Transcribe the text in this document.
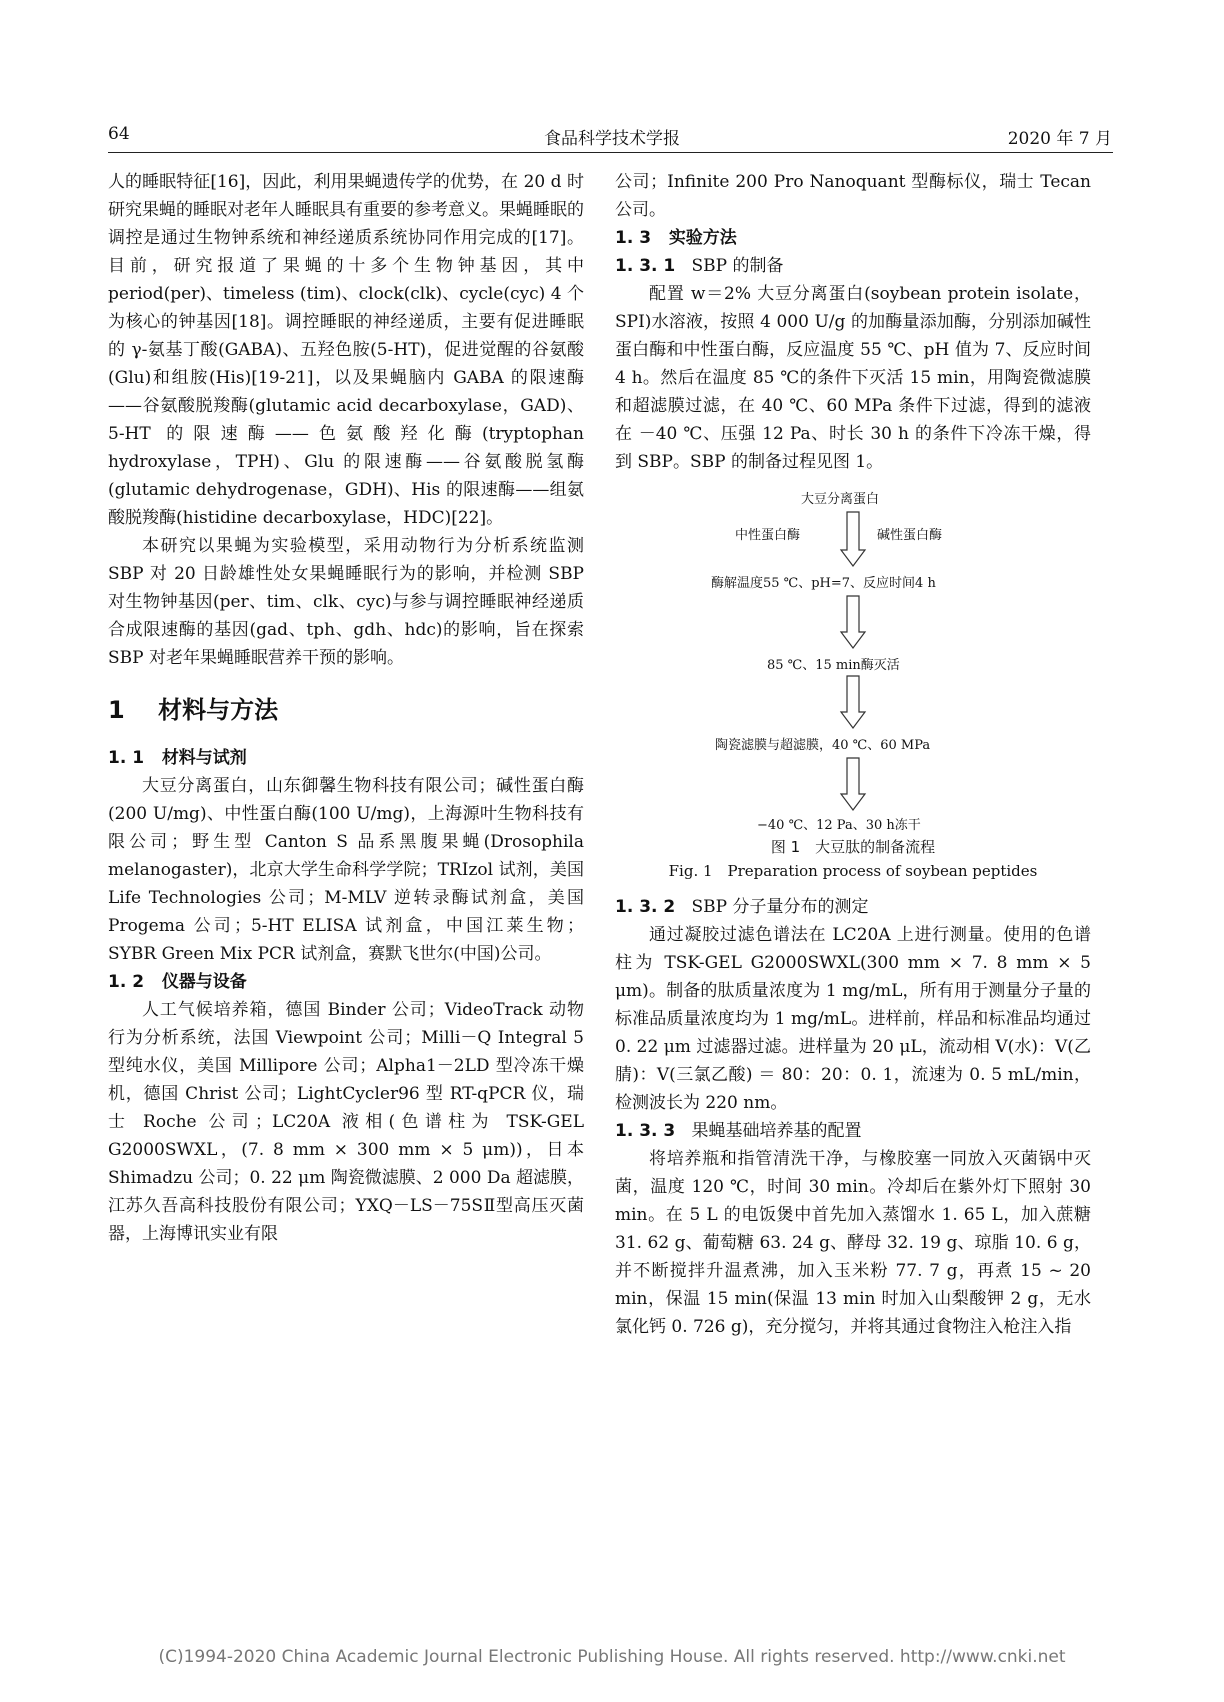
64	食品科学技术学报	2020 年 7 月

人的睡眠特征[16]，因此，利用果蝇遗传学的优势，在 20 d 时研究果蝇的睡眠对老年人睡眠具有重要的参考意义。果蝇睡眠的调控是通过生物钟系统和神经递质系统协同作用完成的[17]。目前，研究报道了果蝇的十多个生物钟基因，其中 period(per)、timeless (tim)、clock(clk)、cycle(cyc) 4 个为核心的钟基因[18]。调控睡眠的神经递质，主要有促进睡眠的 γ-氨基丁酸(GABA)、五羟色胺(5-HT)，促进觉醒的谷氨酸(Glu)和组胺(His)[19-21]，以及果蝇脑内 GABA 的限速酶——谷氨酸脱羧酶(glutamic acid decarboxylase，GAD)、5-HT 的限速酶——色氨酸羟化酶(tryptophan hydroxylase，TPH)、Glu 的限速酶——谷氨酸脱氢酶(glutamic dehydrogenase，GDH)、His 的限速酶——组氨酸脱羧酶(histidine decarboxylase，HDC)[22]。

本研究以果蝇为实验模型，采用动物行为分析系统监测 SBP 对 20 日龄雄性处女果蝇睡眠行为的影响，并检测 SBP 对生物钟基因(per、tim、clk、cyc)与参与调控睡眠神经递质合成限速酶的基因(gad、tph、gdh、hdc)的影响，旨在探索 SBP 对老年果蝇睡眠营养干预的影响。

1 材料与方法
1. 1 材料与试剂

大豆分离蛋白，山东御馨生物科技有限公司；碱性蛋白酶(200 U/mg)、中性蛋白酶(100 U/mg)，上海源叶生物科技有限公司；野生型 Canton S 品系黑腹果蝇(Drosophila melanogaster)，北京大学生命科学学院；TRIzol 试剂，美国 Life Technologies 公司；M-MLV 逆转录酶试剂盒，美国 Progema 公司；5-HT ELISA 试剂盒，中国江莱生物；SYBR Green Mix PCR 试剂盒，赛默飞世尔(中国)公司。

1. 2 仪器与设备

人工气候培养箱，德国 Binder 公司；VideoTrack 动物行为分析系统，法国 Viewpoint 公司；Milli－Q Integral 5 型纯水仪，美国 Millipore 公司；Alpha1－2LD 型冷冻干燥机，德国 Christ 公司；LightCycler96 型 RT-qPCR 仪，瑞士 Roche 公司；LC20A 液相(色谱柱为 TSK-GEL G2000SWXL，(7. 8 mm × 300 mm × 5 μm))，日本 Shimadzu 公司；0. 22 μm 陶瓷微滤膜、2 000 Da 超滤膜，江苏久吾高科技股份有限公司；YXQ－LS－75SⅡ型高压灭菌器，上海博讯实业有限

公司；Infinite 200 Pro Nanoquant 型酶标仪，瑞士 Tecan 公司。

1. 3 实验方法
1. 3. 1 SBP 的制备

配置 w＝2% 大豆分离蛋白(soybean protein isolate，SPI)水溶液，按照 4 000 U/g 的加酶量添加酶，分别添加碱性蛋白酶和中性蛋白酶，反应温度 55 ℃、pH 值为 7、反应时间 4 h。然后在温度 85 ℃的条件下灭活 15 min，用陶瓷微滤膜和超滤膜过滤，在 40 ℃、60 MPa 条件下过滤，得到的滤液在 －40 ℃、压强 12 Pa、时长 30 h 的条件下冷冻干燥，得到 SBP。SBP 的制备过程见图 1。

大豆分离蛋白
中性蛋白酶	碱性蛋白酶
酶解温度55 ℃、pH=7、反应时间4 h
85 ℃、15 min酶灭活
陶瓷滤膜与超滤膜，40 ℃、60 MPa
−40 ℃、12 Pa、30 h冻干
图 1　大豆肽的制备流程
Fig. 1　Preparation process of soybean peptides
1. 3. 2 SBP 分子量分布的测定

通过凝胶过滤色谱法在 LC20A 上进行测量。使用的色谱柱为 TSK-GEL G2000SWXL(300 mm × 7. 8 mm × 5 μm)。制备的肽质量浓度为 1 mg/mL，所有用于测量分子量的标准品质量浓度均为 1 mg/mL。进样前，样品和标准品均通过 0. 22 μm 过滤器过滤。进样量为 20 μL，流动相 V(水)：V(乙腈)：V(三氯乙酸) ＝ 80：20：0. 1，流速为 0. 5 mL/min，检测波长为 220 nm。

1. 3. 3 果蝇基础培养基的配置

将培养瓶和指管清洗干净，与橡胶塞一同放入灭菌锅中灭菌，温度 120 ℃，时间 30 min。冷却后在紫外灯下照射 30 min。在 5 L 的电饭煲中首先加入蒸馏水 1. 65 L，加入蔗糖 31. 62 g、葡萄糖 63. 24 g、酵母 32. 19 g、琼脂 10. 6 g，并不断搅拌升温煮沸，加入玉米粉 77. 7 g，再煮 15 ~ 20 min，保温 15 min(保温 13 min 时加入山梨酸钾 2 g，无水氯化钙 0. 726 g)，充分搅匀，并将其通过食物注入枪注入指

(C)1994-2020 China Academic Journal Electronic Publishing House. All rights reserved. http://www.cnki.net
